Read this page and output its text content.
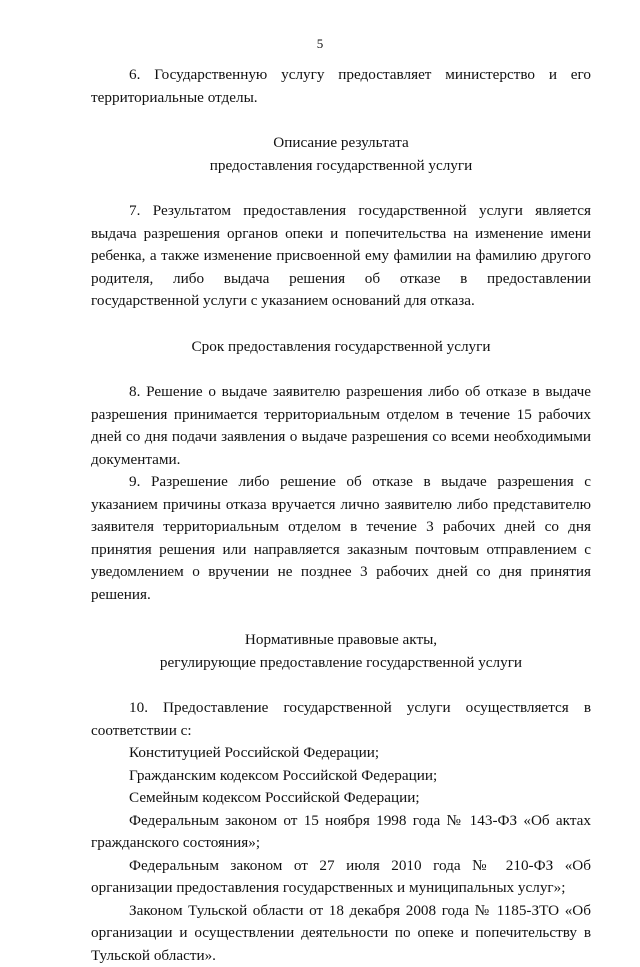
5

6. Государственную услугу предоставляет министерство и его территориальные отделы.

Описание результата

предоставления государственной услуги

7. Результатом предоставления государственной услуги является выдача разрешения органов опеки и попечительства на изменение имени ребенка, а также изменение присвоенной ему фамилии на фамилию другого родителя, либо выдача решения об отказе в предоставлении государственной услуги с указанием оснований для отказа.

Срок предоставления государственной услуги

8. Решение о выдаче заявителю разрешения либо об отказе в выдаче разрешения принимается территориальным отделом в течение 15 рабочих дней со дня подачи заявления о выдаче разрешения со всеми необходимыми документами.

9. Разрешение либо решение об отказе в выдаче разрешения с указанием причины отказа вручается лично заявителю либо представителю заявителя территориальным отделом в течение 3 рабочих дней со дня принятия решения или направляется заказным почтовым отправлением с уведомлением о вручении не позднее 3 рабочих дней со дня принятия решения.

Нормативные правовые акты,

регулирующие предоставление государственной услуги

10. Предоставление государственной услуги осуществляется в соответствии с:

Конституцией Российской Федерации;

Гражданским кодексом Российской Федерации;

Семейным кодексом Российской Федерации;

Федеральным законом от 15 ноября 1998 года № 143-ФЗ «Об актах гражданского состояния»;

Федеральным законом от 27 июля 2010 года № 210-ФЗ «Об организации предоставления государственных и муниципальных услуг»;

Законом Тульской области от 18 декабря 2008 года № 1185-ЗТО «Об организации и осуществлении деятельности по опеке и попечительству в Тульской области».
